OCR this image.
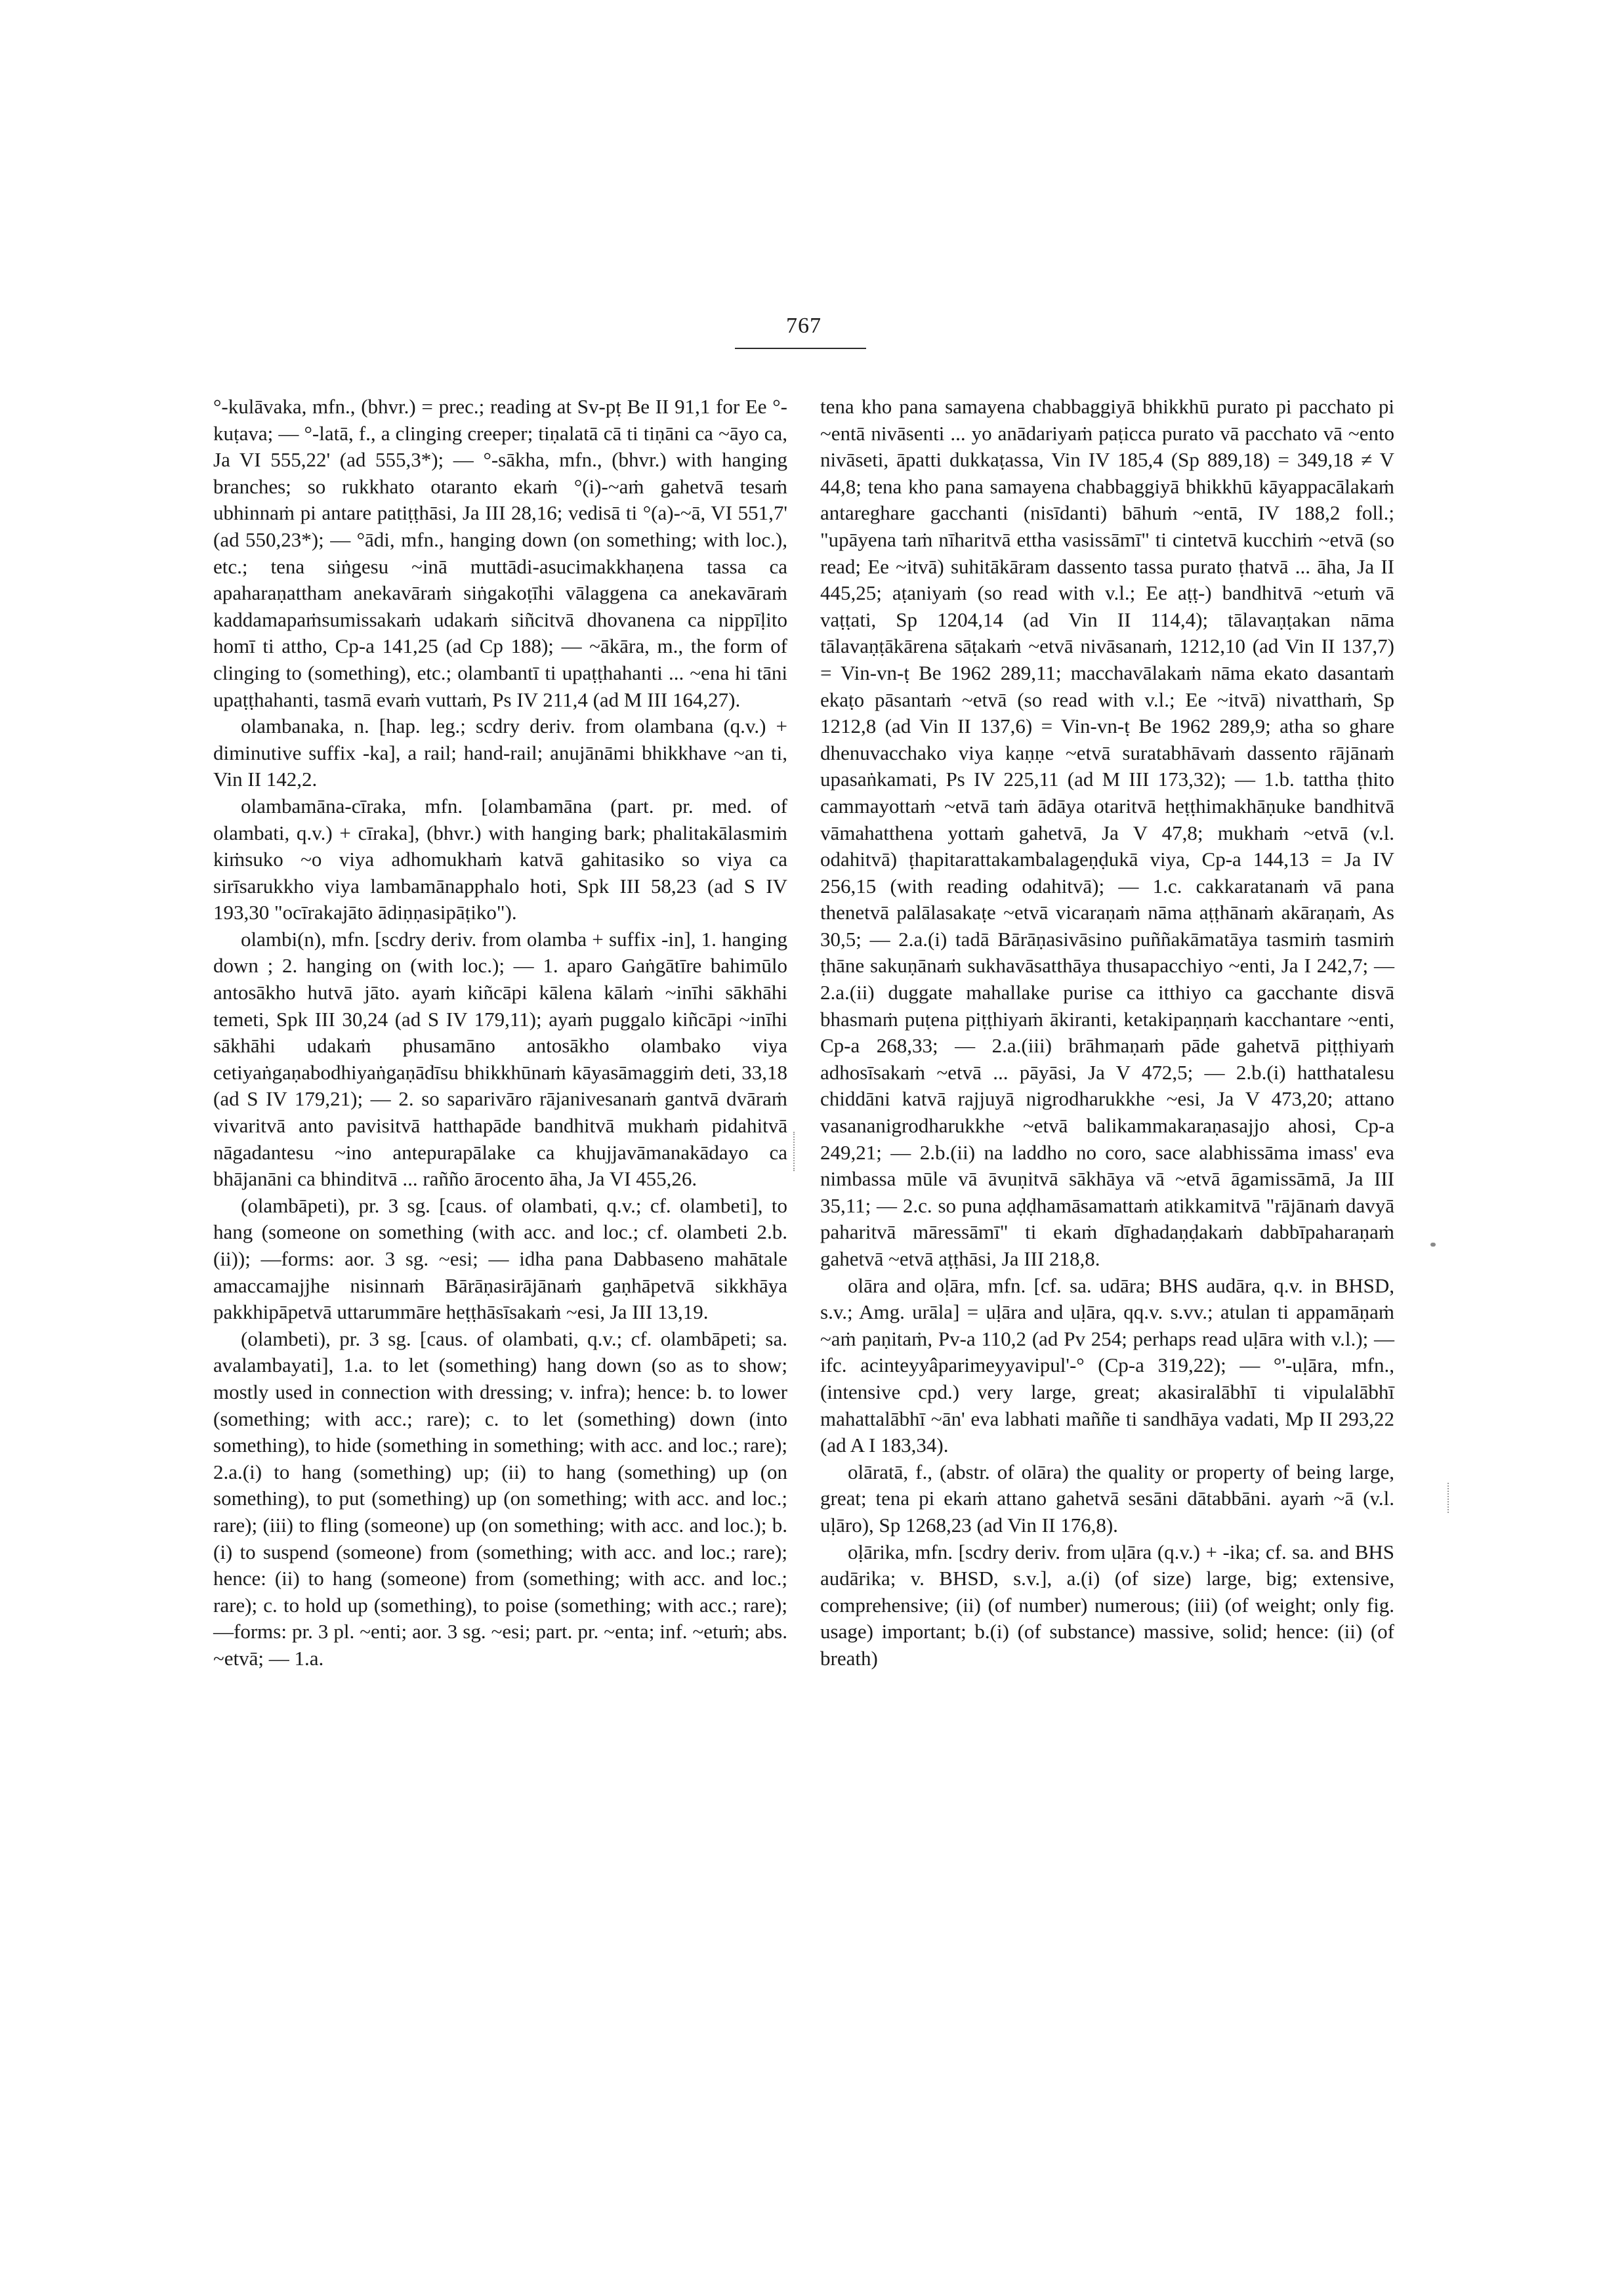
767

°-kulāvaka, mfn., (bhvr.) = prec.; reading at Sv-pṭ Be II 91,1 for Ee °-kuṭava; — °-latā, f., a clinging creeper; tiṇalatā cā ti tiṇāni ca ~āyo ca, Ja VI 555,22' (ad 555,3*); — °-sākha, mfn., (bhvr.) with hanging branches; so rukkhato otaranto ekaṁ °(i)-~aṁ gahetvā tesaṁ ubhinnaṁ pi antare patiṭṭhāsi, Ja III 28,16; vedisā ti °(a)-~ā, VI 551,7' (ad 550,23*); — °ādi, mfn., hanging down (on something; with loc.), etc.; tena siṅgesu ~inā muttādi-asucimakkhaṇena tassa ca apaharaṇattham anekavāraṁ siṅgakoṭīhi vālaggena ca anekavāraṁ kaddamapaṁsumissakaṁ udakaṁ siñcitvā dhovanena ca nippīḷito homī ti attho, Cp-a 141,25 (ad Cp 188); — ~ākāra, m., the form of clinging to (something), etc.; olambantī ti upaṭṭhahanti ... ~ena hi tāni upaṭṭhahanti, tasmā evaṁ vuttaṁ, Ps IV 211,4 (ad M III 164,27).

olambanaka, n. [hap. leg.; scdry deriv. from olambana (q.v.) + diminutive suffix -ka], a rail; hand-rail; anujānāmi bhikkhave ~an ti, Vin II 142,2.

olambamāna-cīraka, mfn. [olambamāna (part. pr. med. of olambati, q.v.) + cīraka], (bhvr.) with hanging bark; phalitakālasmiṁ kiṁsuko ~o viya adhomukhaṁ katvā gahitasiko so viya ca sirīsarukkho viya lambamānapphalo hoti, Spk III 58,23 (ad S IV 193,30 "ocīrakajāto ādiṇṇasipāṭiko").

olambi(n), mfn. [scdry deriv. from olamba + suffix -in], 1. hanging down ; 2. hanging on (with loc.); — 1. aparo Gaṅgātīre bahimūlo antosākho hutvā jāto. ayaṁ kiñcāpi kālena kālaṁ ~inīhi sākhāhi temeti, Spk III 30,24 (ad S IV 179,11); ayaṁ puggalo kiñcāpi ~inīhi sākhāhi udakaṁ phusamāno antosākho olambako viya cetiyaṅgaṇabodhiyaṅgaṇādīsu bhikkhūnaṁ kāyasāmaggiṁ deti, 33,18 (ad S IV 179,21); — 2. so saparivāro rājanivesanaṁ gantvā dvāraṁ vivaritvā anto pavisitvā hatthapāde bandhitvā mukhaṁ pidahitvā nāgadantesu ~ino antepurapālake ca khujjavāmanakādayo ca bhājanāni ca bhinditvā ... rañño ārocento āha, Ja VI 455,26.

(olambāpeti), pr. 3 sg. [caus. of olambati, q.v.; cf. olambeti], to hang (someone on something (with acc. and loc.; cf. olambeti 2.b.(ii)); —forms: aor. 3 sg. ~esi; — idha pana Dabbaseno mahātale amaccamajjhe nisinnaṁ Bārāṇasirājānaṁ gaṇhāpetvā sikkhāya pakkhipāpetvā uttarummāre heṭṭhāsīsakaṁ ~esi, Ja III 13,19.

(olambeti), pr. 3 sg. [caus. of olambati, q.v.; cf. olambāpeti; sa. avalambayati], 1.a. to let (something) hang down (so as to show; mostly used in connection with dressing; v. infra); hence: b. to lower (something; with acc.; rare); c. to let (something) down (into something), to hide (something in something; with acc. and loc.; rare); 2.a.(i) to hang (something) up; (ii) to hang (something) up (on something), to put (something) up (on something; with acc. and loc.; rare); (iii) to fling (someone) up (on something; with acc. and loc.); b.(i) to suspend (someone) from (something; with acc. and loc.; rare); hence: (ii) to hang (someone) from (something; with acc. and loc.; rare); c. to hold up (something), to poise (something; with acc.; rare); —forms: pr. 3 pl. ~enti; aor. 3 sg. ~esi; part. pr. ~enta; inf. ~etuṁ; abs. ~etvā; — 1.a.

tena kho pana samayena chabbaggiyā bhikkhū purato pi pacchato pi ~entā nivāsenti ... yo anādariyaṁ paṭicca purato vā pacchato vā ~ento nivāseti, āpatti dukkaṭassa, Vin IV 185,4 (Sp 889,18) = 349,18 ≠ V 44,8; tena kho pana samayena chabbaggiyā bhikkhū kāyappacālakaṁ antareghare gacchanti (nisīdanti) bāhuṁ ~entā, IV 188,2 foll.; "upāyena taṁ nīharitvā ettha vasissāmī" ti cintetvā kucchiṁ ~etvā (so read; Ee ~itvā) suhitākāram dassento tassa purato ṭhatvā ... āha, Ja II 445,25; aṭaniyaṁ (so read with v.l.; Ee aṭṭ-) bandhitvā ~etuṁ vā vaṭṭati, Sp 1204,14 (ad Vin II 114,4); tālavaṇṭakan nāma tālavaṇṭākārena sāṭakaṁ ~etvā nivāsanaṁ, 1212,10 (ad Vin II 137,7) = Vin-vn-ṭ Be 1962 289,11; macchavālakaṁ nāma ekato dasantaṁ ekaṭo pāsantaṁ ~etvā (so read with v.l.; Ee ~itvā) nivatthaṁ, Sp 1212,8 (ad Vin II 137,6) = Vin-vn-ṭ Be 1962 289,9; atha so ghare dhenuvacchako viya kaṇṇe ~etvā suratabhāvaṁ dassento rājānaṁ upasaṅkamati, Ps IV 225,11 (ad M III 173,32); — 1.b. tattha ṭhito cammayottaṁ ~etvā taṁ ādāya otaritvā heṭṭhimakhāṇuke bandhitvā vāmahatthena yottaṁ gahetvā, Ja V 47,8; mukhaṁ ~etvā (v.l. odahitvā) ṭhapitarattakambalageṇḍukā viya, Cp-a 144,13 = Ja IV 256,15 (with reading odahitvā); — 1.c. cakkaratanaṁ vā pana thenetvā palālasakaṭe ~etvā vicaraṇaṁ nāma aṭṭhānaṁ akāraṇaṁ, As 30,5; — 2.a.(i) tadā Bārāṇasivāsino puññakāmatāya tasmiṁ tasmiṁ ṭhāne sakuṇānaṁ sukhavāsatthāya thusapacchiyo ~enti, Ja I 242,7; — 2.a.(ii) duggate mahallake purise ca itthiyo ca gacchante disvā bhasmaṁ puṭena piṭṭhiyaṁ ākiranti, ketakipaṇṇaṁ kacchantare ~enti, Cp-a 268,33; — 2.a.(iii) brāhmaṇaṁ pāde gahetvā piṭṭhiyaṁ adhosīsakaṁ ~etvā ... pāyāsi, Ja V 472,5; — 2.b.(i) hatthatalesu chiddāni katvā rajjuyā nigrodharukkhe ~esi, Ja V 473,20; attano vasananigrodharukkhe ~etvā balikammakaraṇasajjo ahosi, Cp-a 249,21; — 2.b.(ii) na laddho no coro, sace alabhissāma imass' eva nimbassa mūle vā āvuṇitvā sākhāya vā ~etvā āgamissāmā, Ja III 35,11; — 2.c. so puna aḍḍhamāsamattaṁ atikkamitvā "rājānaṁ davyā paharitvā māressāmī" ti ekaṁ dīghadaṇḍakaṁ dabbīpaharaṇaṁ gahetvā ~etvā aṭṭhāsi, Ja III 218,8.

olāra and oḷāra, mfn. [cf. sa. udāra; BHS audāra, q.v. in BHSD, s.v.; Amg. urāla] = uḷāra and uḷāra, qq.v. s.vv.; atulan ti appamāṇaṁ ~aṁ paṇitaṁ, Pv-a 110,2 (ad Pv 254; perhaps read uḷāra with v.l.); — ifc. acinteyyâparimeyyavipul'-° (Cp-a 319,22); — °'-uḷāra, mfn., (intensive cpd.) very large, great; akasiralābhī ti vipulalābhī mahattalābhī ~ān' eva labhati maññe ti sandhāya vadati, Mp II 293,22 (ad A I 183,34).

olāratā, f., (abstr. of olāra) the quality or property of being large, great; tena pi ekaṁ attano gahetvā sesāni dātabbāni. ayaṁ ~ā (v.l. uḷāro), Sp 1268,23 (ad Vin II 176,8).

oḷārika, mfn. [scdry deriv. from uḷāra (q.v.) + -ika; cf. sa. and BHS audārika; v. BHSD, s.v.], a.(i) (of size) large, big; extensive, comprehensive; (ii) (of number) numerous; (iii) (of weight; only fig. usage) important; b.(i) (of substance) massive, solid; hence: (ii) (of breath)
